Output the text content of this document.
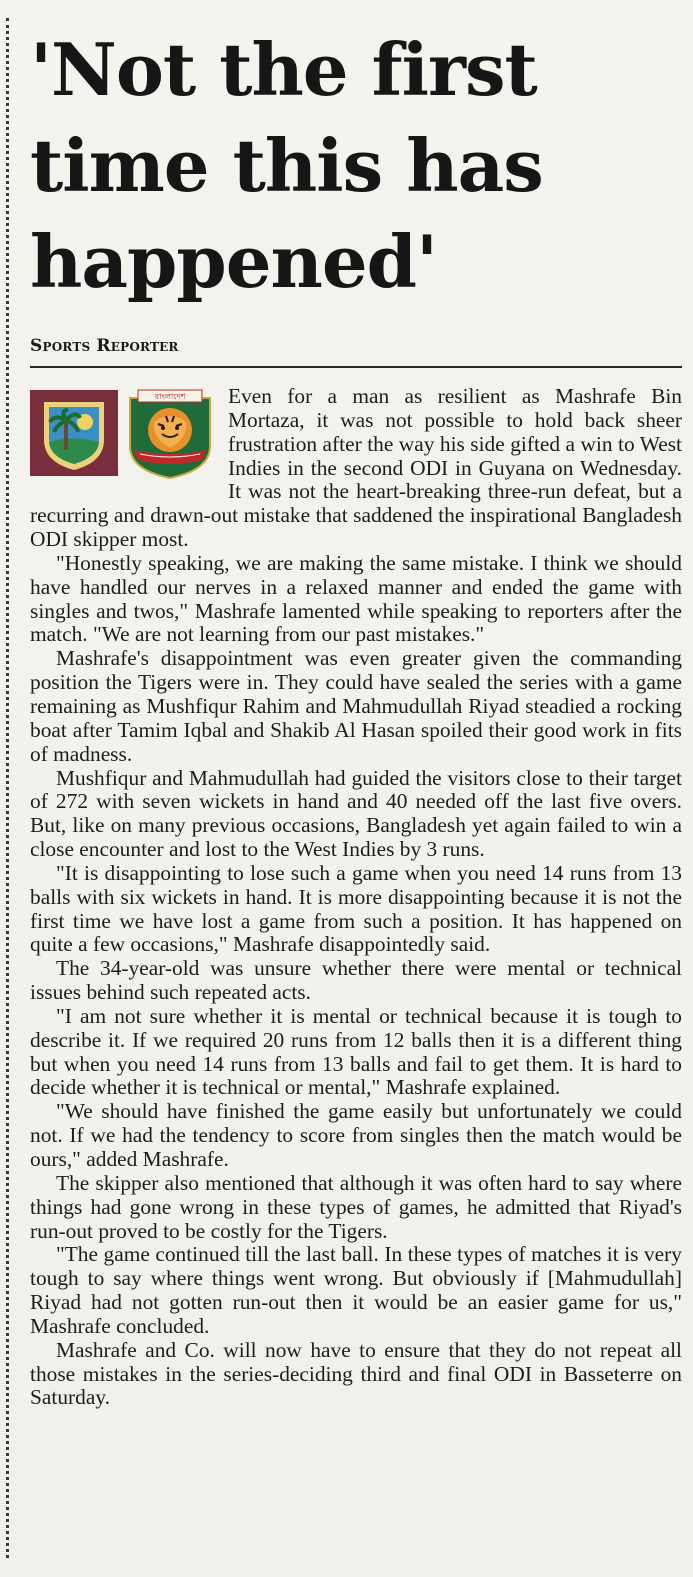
'Not the first time this has happened'
Sports Reporter

Even for a man as resilient as Mashrafe Bin Mortaza, it was not possible to hold back sheer frustration after the way his side gifted a win to West Indies in the second ODI in Guyana on Wednesday. It was not the heart-breaking three-run defeat, but a recurring and drawn-out mistake that saddened the inspirational Bangladesh ODI skipper most.

"Honestly speaking, we are making the same mistake. I think we should have handled our nerves in a relaxed manner and ended the game with singles and twos," Mashrafe lamented while speaking to reporters after the match. "We are not learning from our past mistakes."

Mashrafe's disappointment was even greater given the commanding position the Tigers were in. They could have sealed the series with a game remaining as Mushfiqur Rahim and Mahmudullah Riyad steadied a rocking boat after Tamim Iqbal and Shakib Al Hasan spoiled their good work in fits of madness.

Mushfiqur and Mahmudullah had guided the visitors close to their target of 272 with seven wickets in hand and 40 needed off the last five overs. But, like on many previous occasions, Bangladesh yet again failed to win a close encounter and lost to the West Indies by 3 runs.

"It is disappointing to lose such a game when you need 14 runs from 13 balls with six wickets in hand. It is more disappointing because it is not the first time we have lost a game from such a position. It has happened on quite a few occasions," Mashrafe disappointedly said.

The 34-year-old was unsure whether there were mental or technical issues behind such repeated acts.

"I am not sure whether it is mental or technical because it is tough to describe it. If we required 20 runs from 12 balls then it is a different thing but when you need 14 runs from 13 balls and fail to get them. It is hard to decide whether it is technical or mental," Mashrafe explained.

"We should have finished the game easily but unfortunately we could not. If we had the tendency to score from singles then the match would be ours," added Mashrafe.

The skipper also mentioned that although it was often hard to say where things had gone wrong in these types of games, he admitted that Riyad's run-out proved to be costly for the Tigers.

"The game continued till the last ball. In these types of matches it is very tough to say where things went wrong. But obviously if [Mahmudullah] Riyad had not gotten run-out then it would be an easier game for us," Mashrafe concluded.

Mashrafe and Co. will now have to ensure that they do not repeat all those mistakes in the series-deciding third and final ODI in Basseterre on Saturday.

বাংলাদেশ
